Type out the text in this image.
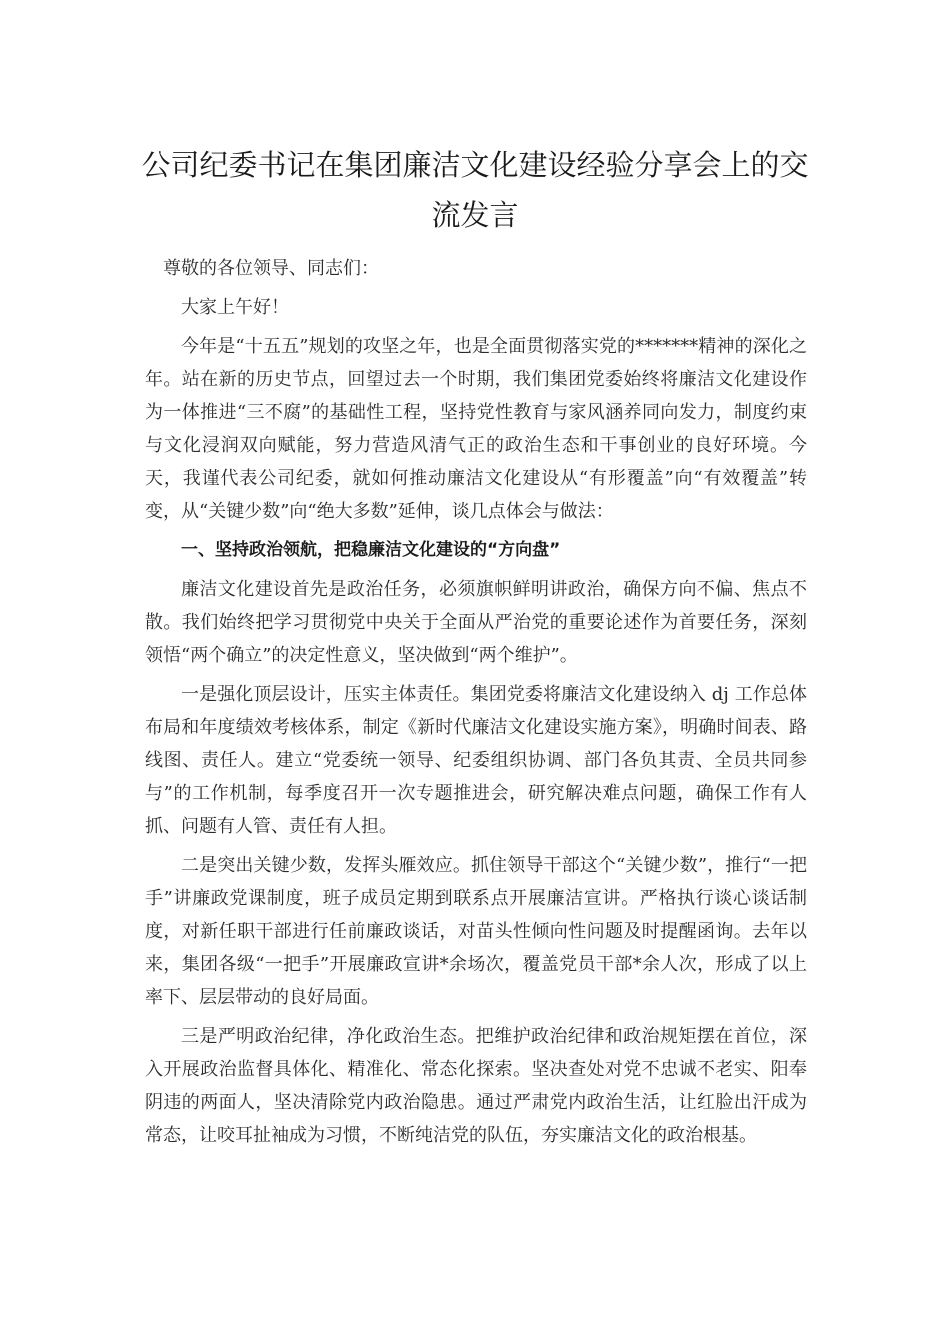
公司纪委书记在集团廉洁文化建设经验分享会上的交流发言

尊敬的各位领导、同志们：

大家上午好！

今年是“十五五”规划的攻坚之年，也是全面贯彻落实党的*******精神的深化之年。站在新的历史节点，回望过去一个时期，我们集团党委始终将廉洁文化建设作为一体推进“三不腐”的基础性工程，坚持党性教育与家风涵养同向发力，制度约束与文化浸润双向赋能，努力营造风清气正的政治生态和干事创业的良好环境。今天，我谨代表公司纪委，就如何推动廉洁文化建设从“有形覆盖”向“有效覆盖”转变，从“关键少数”向“绝大多数”延伸，谈几点体会与做法：

一、坚持政治领航，把稳廉洁文化建设的“方向盘”

廉洁文化建设首先是政治任务，必须旗帜鲜明讲政治，确保方向不偏、焦点不散。我们始终把学习贯彻党中央关于全面从严治党的重要论述作为首要任务，深刻领悟“两个确立”的决定性意义，坚决做到“两个维护”。

一是强化顶层设计，压实主体责任。集团党委将廉洁文化建设纳入 dj 工作总体布局和年度绩效考核体系，制定《新时代廉洁文化建设实施方案》，明确时间表、路线图、责任人。建立“党委统一领导、纪委组织协调、部门各负其责、全员共同参与”的工作机制，每季度召开一次专题推进会，研究解决难点问题，确保工作有人抓、问题有人管、责任有人担。

二是突出关键少数，发挥头雁效应。抓住领导干部这个“关键少数”，推行“一把手”讲廉政党课制度，班子成员定期到联系点开展廉洁宣讲。严格执行谈心谈话制度，对新任职干部进行任前廉政谈话，对苗头性倾向性问题及时提醒函询。去年以来，集团各级“一把手”开展廉政宣讲*余场次，覆盖党员干部*余人次，形成了以上率下、层层带动的良好局面。

三是严明政治纪律，净化政治生态。把维护政治纪律和政治规矩摆在首位，深入开展政治监督具体化、精准化、常态化探索。坚决查处对党不忠诚不老实、阳奉阴违的两面人，坚决清除党内政治隐患。通过严肃党内政治生活，让红脸出汗成为常态，让咬耳扯袖成为习惯，不断纯洁党的队伍，夯实廉洁文化的政治根基。
